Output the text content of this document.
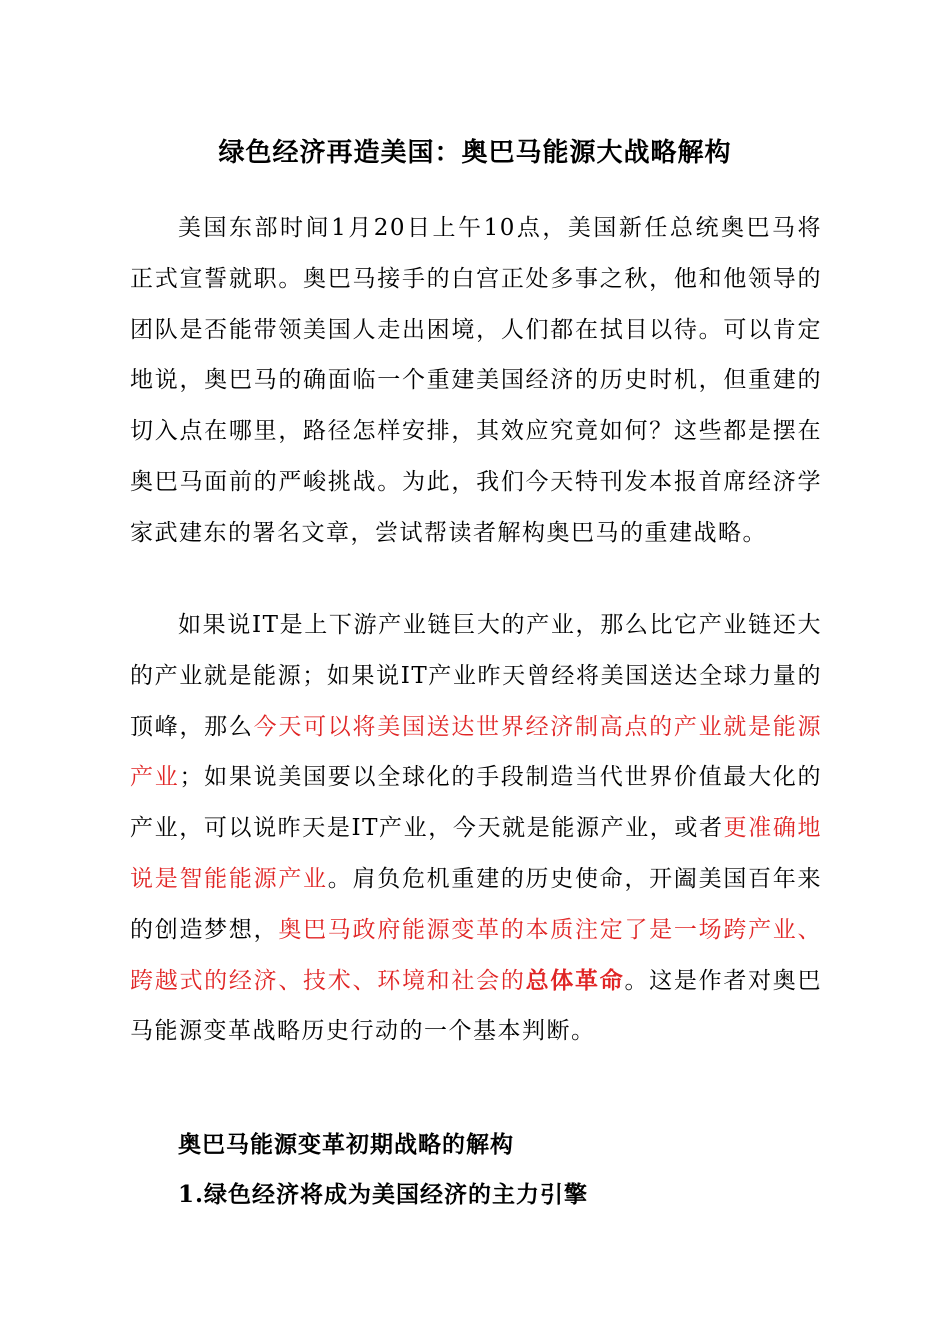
绿色经济再造美国：奥巴马能源大战略解构

美国东部时间1月20日上午10点，美国新任总统奥巴马将正式宣誓就职。奥巴马接手的白宫正处多事之秋，他和他领导的团队是否能带领美国人走出困境，人们都在拭目以待。可以肯定地说，奥巴马的确面临一个重建美国经济的历史时机，但重建的切入点在哪里，路径怎样安排，其效应究竟如何？这些都是摆在奥巴马面前的严峻挑战。为此，我们今天特刊发本报首席经济学家武建东的署名文章，尝试帮读者解构奥巴马的重建战略。

如果说IT是上下游产业链巨大的产业，那么比它产业链还大的产业就是能源；如果说IT产业昨天曾经将美国送达全球力量的顶峰，那么今天可以将美国送达世界经济制高点的产业就是能源产业；如果说美国要以全球化的手段制造当代世界价值最大化的产业，可以说昨天是IT产业，今天就是能源产业，或者更准确地说是智能能源产业。肩负危机重建的历史使命，开阖美国百年来的创造梦想，奥巴马政府能源变革的本质注定了是一场跨产业、跨越式的经济、技术、环境和社会的总体革命。这是作者对奥巴马能源变革战略历史行动的一个基本判断。

奥巴马能源变革初期战略的解构
1.绿色经济将成为美国经济的主力引擎
